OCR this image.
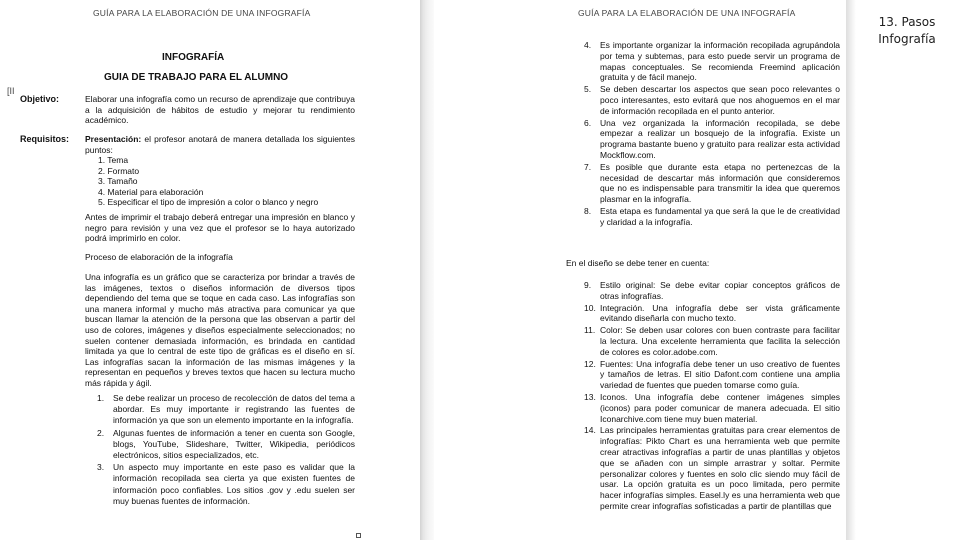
GUÍA PARA LA ELABORACIÓN DE UNA INFOGRAFÍA
[II
INFOGRAFÍA
GUIA DE TRABAJO PARA EL ALUMNO
Objetivo:	Elaborar una infografía como un recurso de aprendizaje que contribuya a la adquisición de hábitos de estudio y mejorar tu rendimiento académico.
Requisitos: Presentación: el profesor anotará de manera detallada los siguientes puntos:
1. Tema
2. Formato
3. Tamaño
4. Material para elaboración
5. Especificar el tipo de impresión a color o blanco y negro
Antes de imprimir el trabajo deberá entregar una impresión en blanco y negro para revisión y una vez que el profesor se lo haya autorizado podrá imprimirlo en color.
Proceso de elaboración de la infografía
Una infografía es un gráfico que se caracteriza por brindar a través de las imágenes, textos o diseños información de diversos tipos dependiendo del tema que se toque en cada caso. Las infografías son una manera informal y mucho más atractiva para comunicar ya que buscan llamar la atención de la persona que las observan a partir del uso de colores, imágenes y diseños especialmente seleccionados; no suelen contener demasiada información, es brindada en cantidad limitada ya que lo central de este tipo de gráficas es el diseño en sí. Las infografías sacan la información de las mismas imágenes y la representan en pequeños y breves textos que hacen su lectura mucho más rápida y ágil.
1.	Se debe realizar un proceso de recolección de datos del tema a abordar. Es muy importante ir registrando las fuentes de información ya que son un elemento importante en la infografía.
2.	Algunas fuentes de información a tener en cuenta son Google, blogs, YouTube, Slideshare, Twitter, Wikipedia, periódicos electrónicos, sitios especializados, etc.
3.	Un aspecto muy importante en este paso es validar que la información recopilada sea cierta ya que existen fuentes de información poco confiables. Los sitios .gov y .edu suelen ser muy buenas fuentes de información.
GUÍA PARA LA ELABORACIÓN DE UNA INFOGRAFÍA
4.	Es importante organizar la información recopilada agrupándola por tema y subtemas, para esto puede servir un programa de mapas conceptuales. Se recomienda Freemind aplicación gratuita y de fácil manejo.
5.	Se deben descartar los aspectos que sean poco relevantes o poco interesantes, esto evitará que nos ahoguemos en el mar de información recopilada en el punto anterior.
6.	Una vez organizada la información recopilada, se debe empezar a realizar un bosquejo de la infografía. Existe un programa bastante bueno y gratuito para realizar esta actividad Mockflow.com.
7.	Es posible que durante esta etapa no pertenezcas de la necesidad de descartar más información que consideremos que no es indispensable para transmitir la idea que queremos plasmar en la infografía.
8.	Esta etapa es fundamental ya que será la que le de creatividad y claridad a la infografía.
En el diseño se debe tener en cuenta:
9.	Estilo original: Se debe evitar copiar conceptos gráficos de otras infografías.
10. Integración. Una infografía debe ser vista gráficamente evitando diseñarla con mucho texto.
11. Color: Se deben usar colores con buen contraste para facilitar la lectura. Una excelente herramienta que facilita la selección de colores es color.adobe.com.
12. Fuentes: Una infografía debe tener un uso creativo de fuentes y tamaños de letras. El sitio Dafont.com contiene una amplia variedad de fuentes que pueden tomarse como guía.
13. Iconos. Una infografía debe contener imágenes simples (iconos) para poder comunicar de manera adecuada. El sitio Iconarchive.com tiene muy buen material.
14. Las principales herramientas gratuitas para crear elementos de infografías: Pikto Chart es una herramienta web que permite crear atractivas infografías a partir de unas plantillas y objetos que se añaden con un simple arrastrar y soltar. Permite personalizar colores y fuentes en solo clic siendo muy fácil de usar. La opción gratuita es un poco limitada, pero permite hacer infografías simples. Easel.ly es una herramienta web que permite crear infografías sofisticadas a partir de plantillas que
13. Pasos
Infografía
